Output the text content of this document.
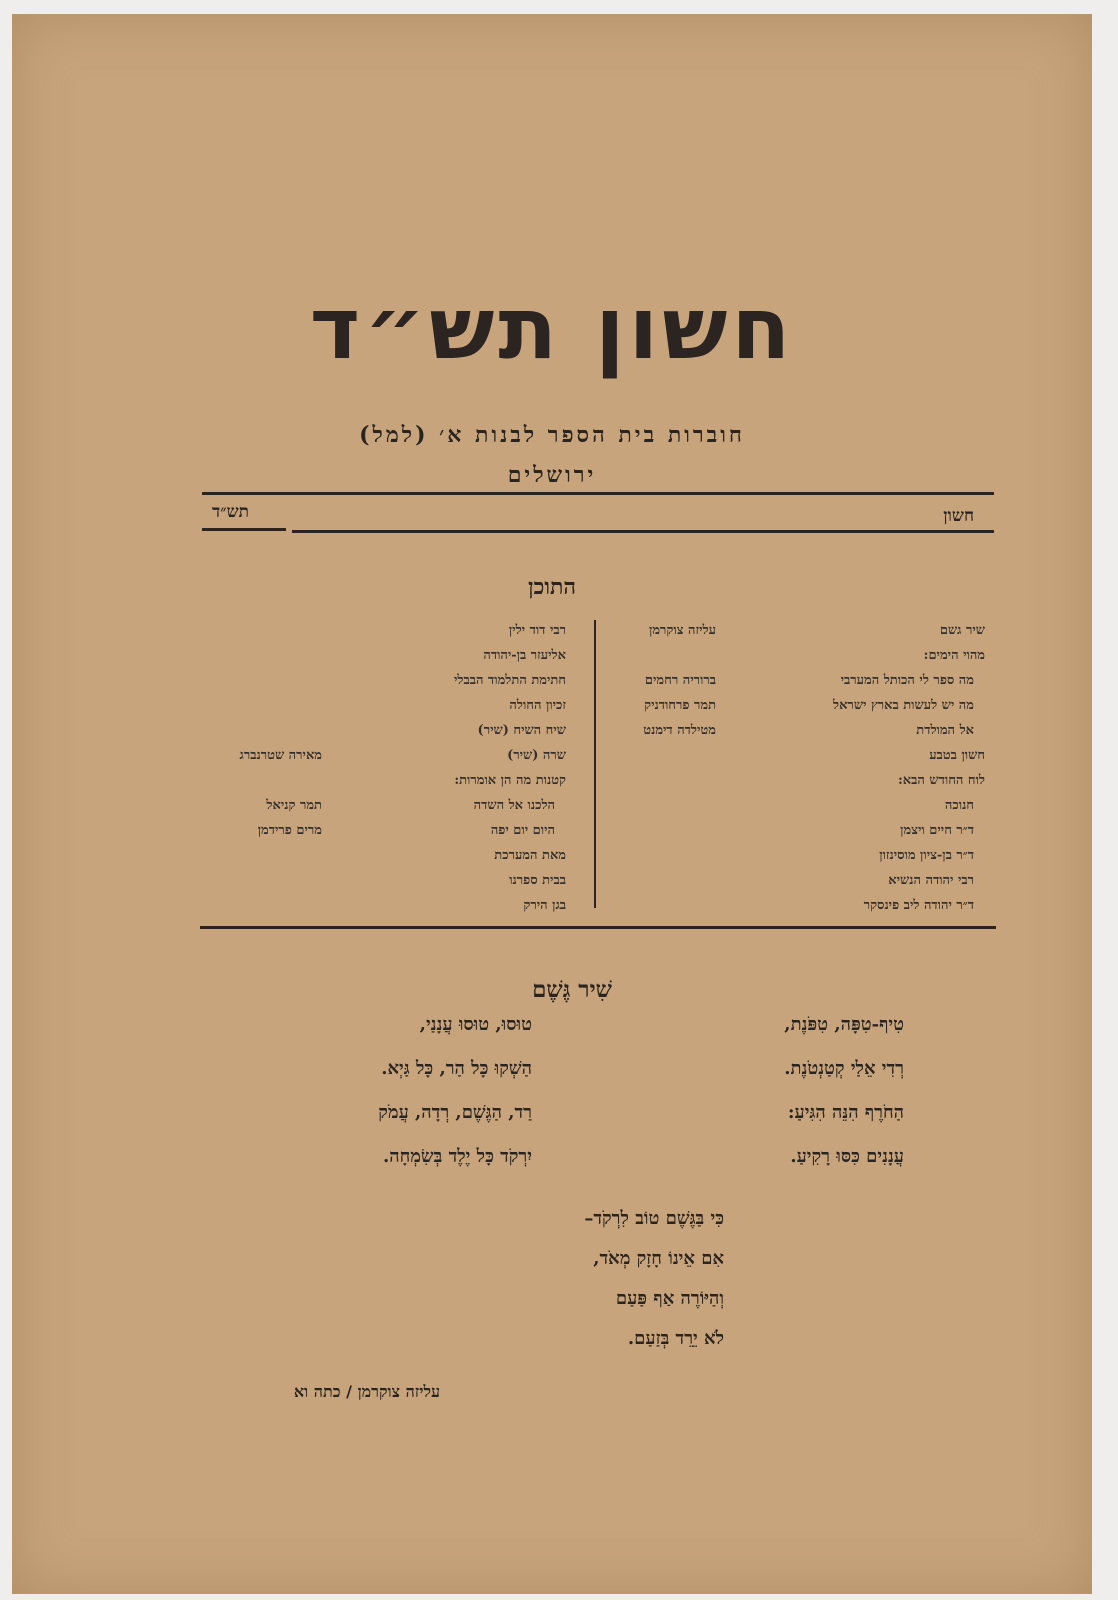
חשון תש״ד
חוברות בית הספר לבנות א׳ (למל)
ירושלים
חשון
תש״ד
התוכן
שיר גשם
מהוי הימים:
מה ספר לי הכותל המערבי
מה יש לעשות בארץ ישראל
אל המולדת
חשון בטבע
לוח החודש הבא:
חנוכה
ד״ר חיים ויצמן
ד״ר בן-ציון מוסינזון
רבי יהודה הנשיא
ד״ר יהודה ליב פינסקר
עליזה צוקרמן
ברוריה רחמים
תמר פרחודניק
מטילדה דימנט
רבי דוד ילין
אליעזר בן-יהודה
חתימת התלמוד הבבלי
זכיון החולה
שיח השיח (שיר)
שרה (שיר)
קטנות מה הן אומרות:
הלכנו אל השדה
היום יום יפה
מאת המערכת
בבית ספרנו
בגן הירק
מאירה שטרנברג
תמר קניאל
מרים פרידמן
שִׁיר גֶּשֶׁם
טִיף-טִפָּה, טִפֹּנֶת,
רְדִי אֵלַי קְטַנְטֹנֶת.
הַחֹרֶף הִנֵּה הִגִּיעַ:
עֲנָנִים כִּסּוּ רָקִיעַ.
טוּסוּ, טוּסוּ עֲנָנַי,
הַשְׁקוּ כָּל הַר, כָּל גַּיְא.
רַד, הַגֶּשֶׁם, רְדָה, עֲמֹק
יִרְקֹד כָּל יֶלֶד בְּשִׂמְחָה.
כִּי בַּגֶּשֶׁם טוֹב לִרְקֹד–
אִם אֵינוֹ חָזָק מְאֹד,
וְהַיּוֹרֶה אַף פַּעַם
לֹא יֵרֵד בְּזַעַם.
עליזה צוקרמן / כתה וא
